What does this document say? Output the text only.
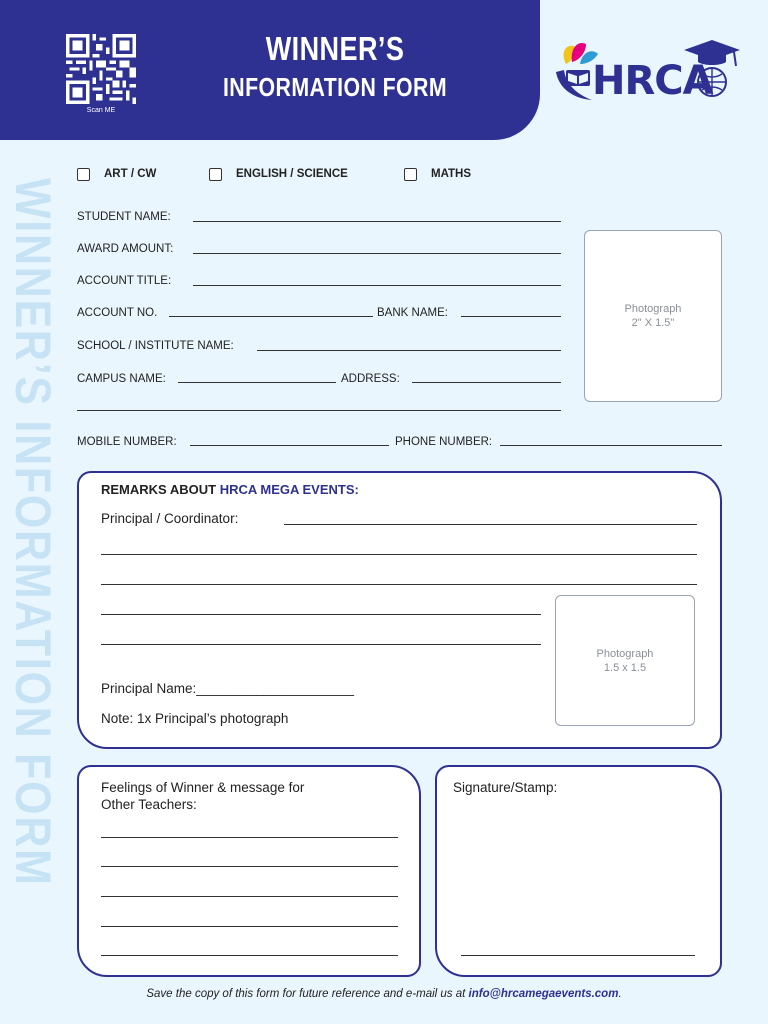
Scan ME
WINNER’S
INFORMATION FORM	HRCA
WINNER’S INFORMATION FORM
ART / CW	ENGLISH / SCIENCE	MATHS
STUDENT NAME:
AWARD AMOUNT:
ACCOUNT TITLE:
ACCOUNT NO.	BANK NAME:
SCHOOL / INSTITUTE NAME:
CAMPUS NAME:	ADDRESS:
MOBILE NUMBER:	PHONE NUMBER:
Photograph
2" X 1.5"
REMARKS ABOUT HRCA MEGA EVENTS:
Principal / Coordinator:
Principal Name:_____________________
Note: 1x Principal’s photograph
Photograph
1.5 x 1.5
Feelings of Winner & message for
Other Teachers:
Signature/Stamp:
Save the copy of this form for future reference and e-mail us at info@hrcamegaevents.com.
